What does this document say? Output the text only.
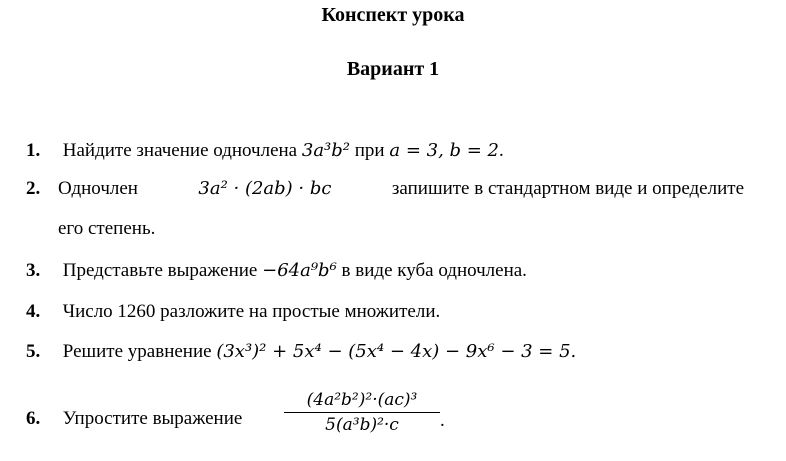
Конспект урока
Вариант 1
1. Найдите значение одночлена 3a³b² при a = 3, b = 2.
2. Одночлен	3a² · (2ab) · bc	запишите в стандартном виде и определите
его степень.
3. Представьте выражение −64a⁹b⁶ в виде куба одночлена.
4. Число 1260 разложите на простые множители.
5. Решите уравнение (3x³)² + 5x⁴ − (5x⁴ − 4x) − 9x⁶ − 3 = 5.
6. Упростите выражение
(4a²b²)²·(ac)³
5(a³b)²·c	.
